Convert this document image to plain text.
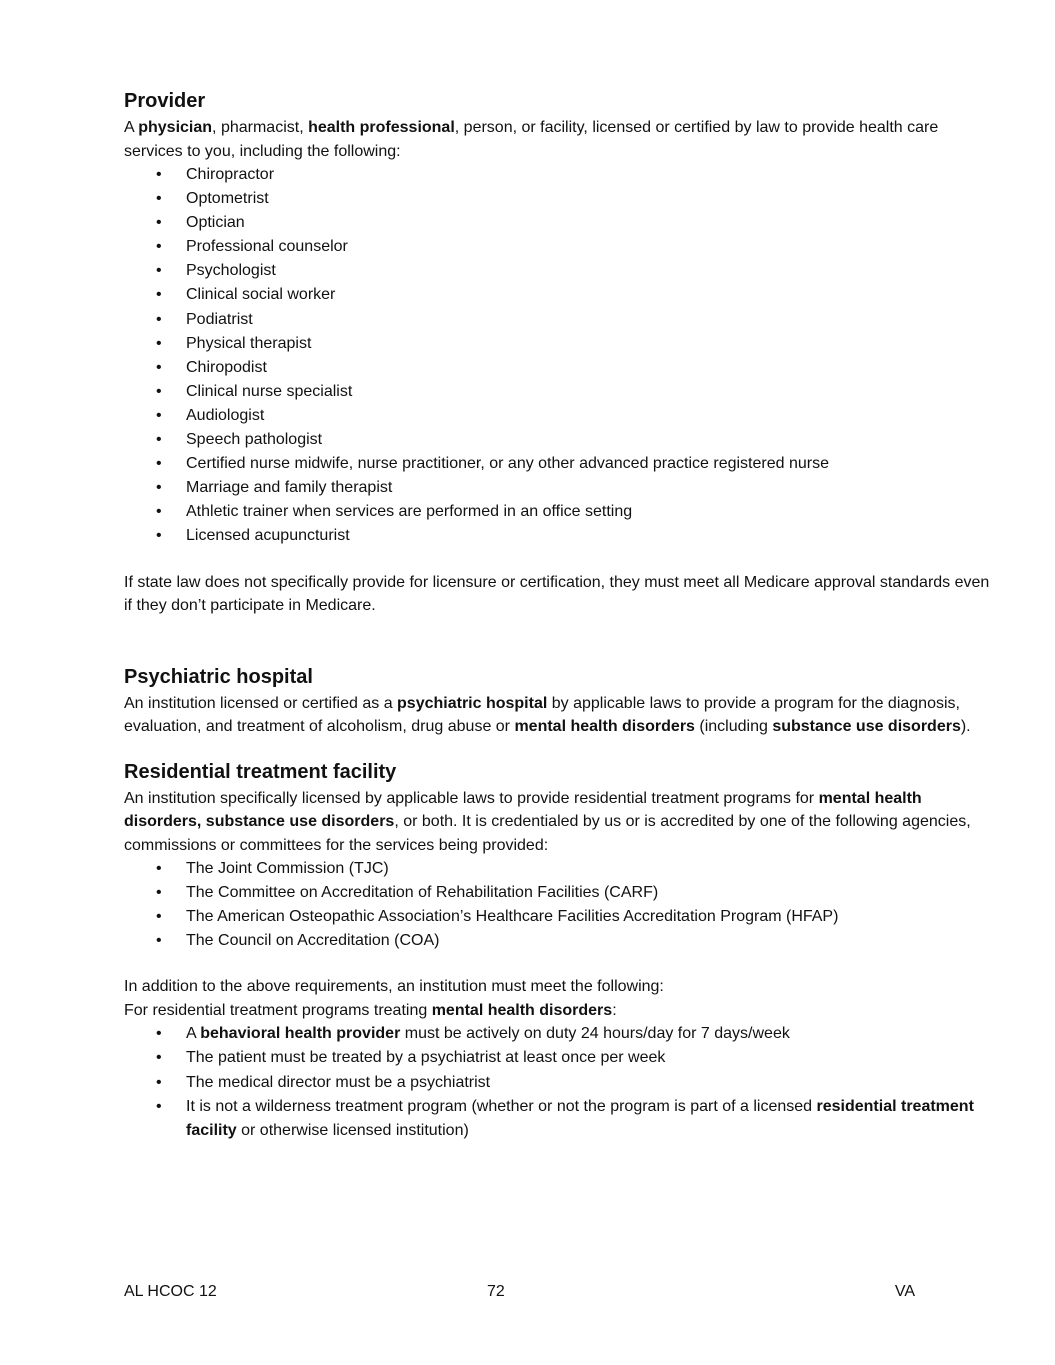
Provider

A physician, pharmacist, health professional, person, or facility, licensed or certified by law to provide health care services to you, including the following:

• Chiropractor
• Optometrist
• Optician
• Professional counselor
• Psychologist
• Clinical social worker
• Podiatrist
• Physical therapist
• Chiropodist
• Clinical nurse specialist
• Audiologist
• Speech pathologist
• Certified nurse midwife, nurse practitioner, or any other advanced practice registered nurse
• Marriage and family therapist
• Athletic trainer when services are performed in an office setting
• Licensed acupuncturist

If state law does not specifically provide for licensure or certification, they must meet all Medicare approval standards even if they don’t participate in Medicare.

Psychiatric hospital

An institution licensed or certified as a psychiatric hospital by applicable laws to provide a program for the diagnosis, evaluation, and treatment of alcoholism, drug abuse or mental health disorders (including substance use disorders).

Residential treatment facility

An institution specifically licensed by applicable laws to provide residential treatment programs for mental health disorders, substance use disorders, or both. It is credentialed by us or is accredited by one of the following agencies, commissions or committees for the services being provided:

• The Joint Commission (TJC)
• The Committee on Accreditation of Rehabilitation Facilities (CARF)
• The American Osteopathic Association’s Healthcare Facilities Accreditation Program (HFAP)
• The Council on Accreditation (COA)

In addition to the above requirements, an institution must meet the following:

For residential treatment programs treating mental health disorders:

• A behavioral health provider must be actively on duty 24 hours/day for 7 days/week
• The patient must be treated by a psychiatrist at least once per week
• The medical director must be a psychiatrist
• It is not a wilderness treatment program (whether or not the program is part of a licensed residential treatment facility or otherwise licensed institution)
AL HCOC 12	72	VA
